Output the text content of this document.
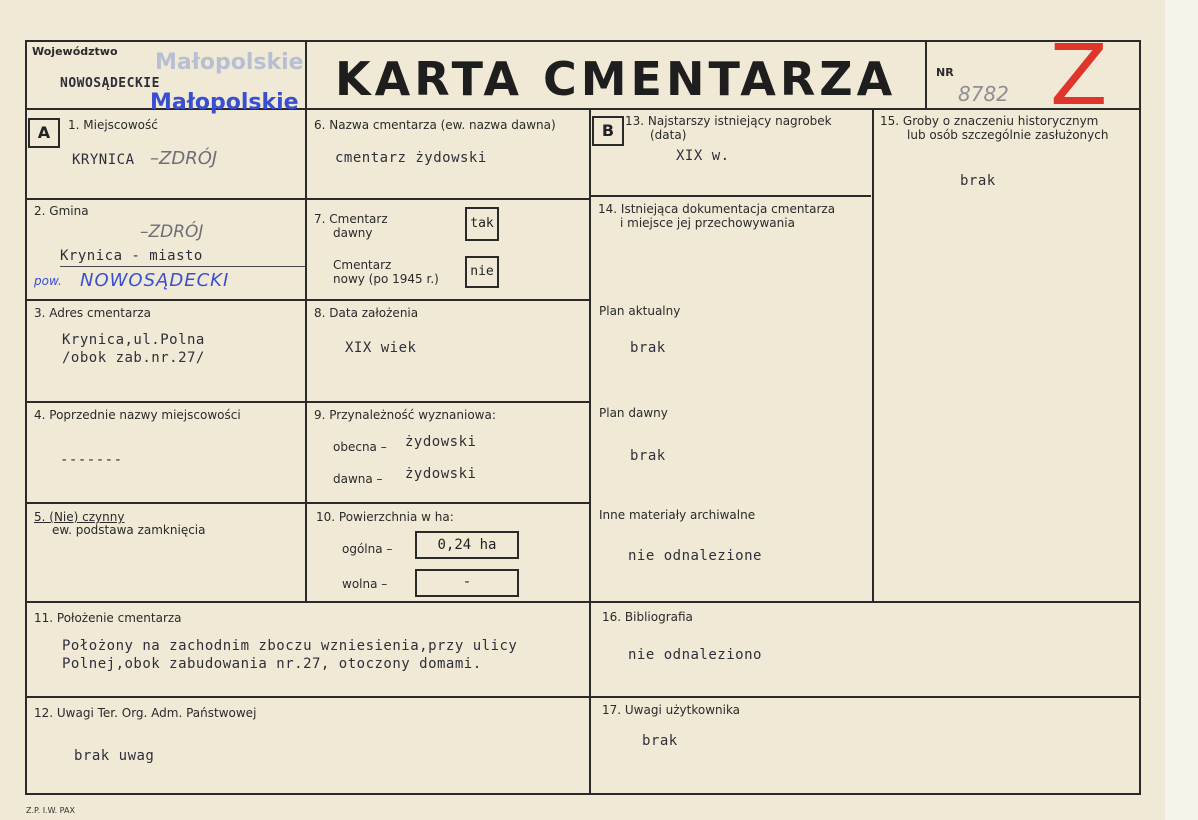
Województwo Małopolskie
NOWOSĄDECKIE
Małopolskie KARTA CMENTARZA	NR
8782 Z
A	B
1. Miejscowość
KRYNICA –ZDRÓJ
2. Gmina
–ZDRÓJ
Krynica - miasto
pow. NOWOSĄDECKI
3. Adres cmentarza
Krynica,ul.Polna
/obok zab.nr.27/
4. Poprzednie nazwy miejscowości
-------
5. (Nie) czynny
ew. podstawa zamknięcia
6. Nazwa cmentarza (ew. nazwa dawna)
cmentarz żydowski
7. Cmentarz
dawny
tak
Cmentarz
nowy (po 1945 r.)	nie
8. Data założenia
XIX wiek
9. Przynależność wyznaniowa:
obecna – żydowski
dawna – żydowski
10. Powierzchnia w ha:
ogólna –	0,24 ha
wolna –	-
11. Położenie cmentarza
Położony na zachodnim zboczu wzniesienia,przy ulicy
Polnej,obok zabudowania nr.27, otoczony domami.
12. Uwagi Ter. Org. Adm. Państwowej
brak uwag
13. Najstarszy istniejący nagrobek
(data)
XIX w.
14. Istniejąca dokumentacja cmentarza
i miejsce jej przechowywania
Plan aktualny
brak
Plan dawny
brak
Inne materiały archiwalne
nie odnalezione
15. Groby o znaczeniu historycznym
lub osób szczególnie zasłużonych
brak
16. Bibliografia
nie odnaleziono
17. Uwagi użytkownika
brak
Z.P. I.W. PAX
